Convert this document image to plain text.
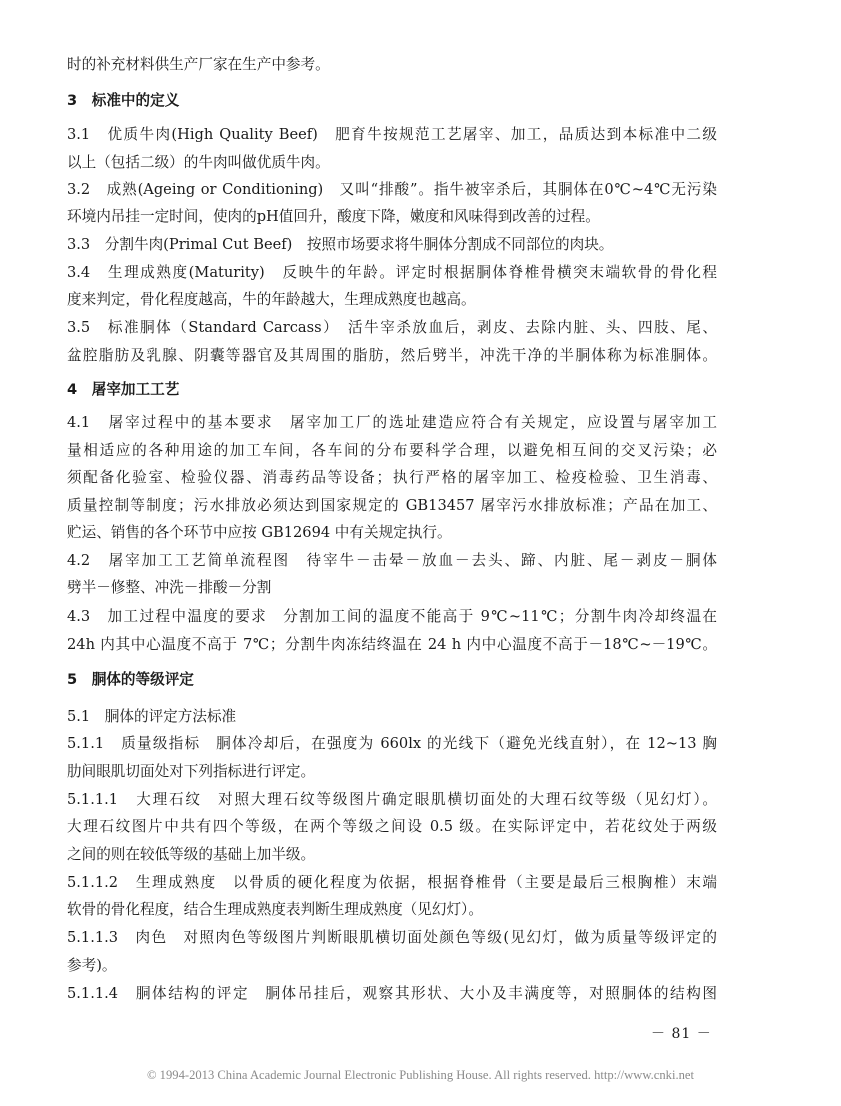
时的补充材料供生产厂家在生产中参考。
3　标准中的定义
3.1　优质牛肉(High Quality Beef)　肥育牛按规范工艺屠宰、加工，品质达到本标准中二级
以上（包括二级）的牛肉叫做优质牛肉。
3.2　成熟(Ageing or Conditioning)　又叫“排酸”。指牛被宰杀后，其胴体在0℃~4℃无污染
环境内吊挂一定时间，使肉的pH值回升，酸度下降，嫩度和风味得到改善的过程。
3.3　分割牛肉(Primal Cut Beef)　按照市场要求将牛胴体分割成不同部位的肉块。
3.4　生理成熟度(Maturity)　反映牛的年龄。评定时根据胴体脊椎骨横突末端软骨的骨化程
度来判定，骨化程度越高，牛的年龄越大，生理成熟度也越高。
3.5　标准胴体（Standard Carcass）　活牛宰杀放血后，剥皮、去除内脏、头、四肢、尾、
盆腔脂肪及乳腺、阴囊等器官及其周围的脂肪，然后劈半，冲洗干净的半胴体称为标准胴体。
4　屠宰加工工艺
4.1　屠宰过程中的基本要求　屠宰加工厂的选址建造应符合有关规定，应设置与屠宰加工
量相适应的各种用途的加工车间，各车间的分布要科学合理，以避免相互间的交叉污染；必
须配备化验室、检验仪器、消毒药品等设备；执行严格的屠宰加工、检疫检验、卫生消毒、
质量控制等制度；污水排放必须达到国家规定的 GB13457 屠宰污水排放标准；产品在加工、
贮运、销售的各个环节中应按 GB12694 中有关规定执行。
4.2　屠宰加工工艺简单流程图　待宰牛－击晕－放血－去头、蹄、内脏、尾－剥皮－胴体
劈半－修整、冲洗－排酸－分割
4.3　加工过程中温度的要求　分割加工间的温度不能高于 9℃~11℃；分割牛肉冷却终温在
24h 内其中心温度不高于 7℃；分割牛肉冻结终温在 24 h 内中心温度不高于－18℃~－19℃。
5　胴体的等级评定
5.1　胴体的评定方法标准
5.1.1　质量级指标　胴体冷却后，在强度为 660lx 的光线下（避免光线直射），在 12~13 胸
肋间眼肌切面处对下列指标进行评定。
5.1.1.1　大理石纹　对照大理石纹等级图片确定眼肌横切面处的大理石纹等级（见幻灯）。
大理石纹图片中共有四个等级，在两个等级之间设 0.5 级。在实际评定中，若花纹处于两级
之间的则在较低等级的基础上加半级。
5.1.1.2　生理成熟度　以骨质的硬化程度为依据，根据脊椎骨（主要是最后三根胸椎）末端
软骨的骨化程度，结合生理成熟度表判断生理成熟度（见幻灯）。
5.1.1.3　肉色　对照肉色等级图片判断眼肌横切面处颜色等级(见幻灯，做为质量等级评定的
参考)。
5.1.1.4　胴体结构的评定　胴体吊挂后，观察其形状、大小及丰满度等，对照胴体的结构图
－ 81 －
© 1994-2013 China Academic Journal Electronic Publishing House. All rights reserved. http://www.cnki.net
